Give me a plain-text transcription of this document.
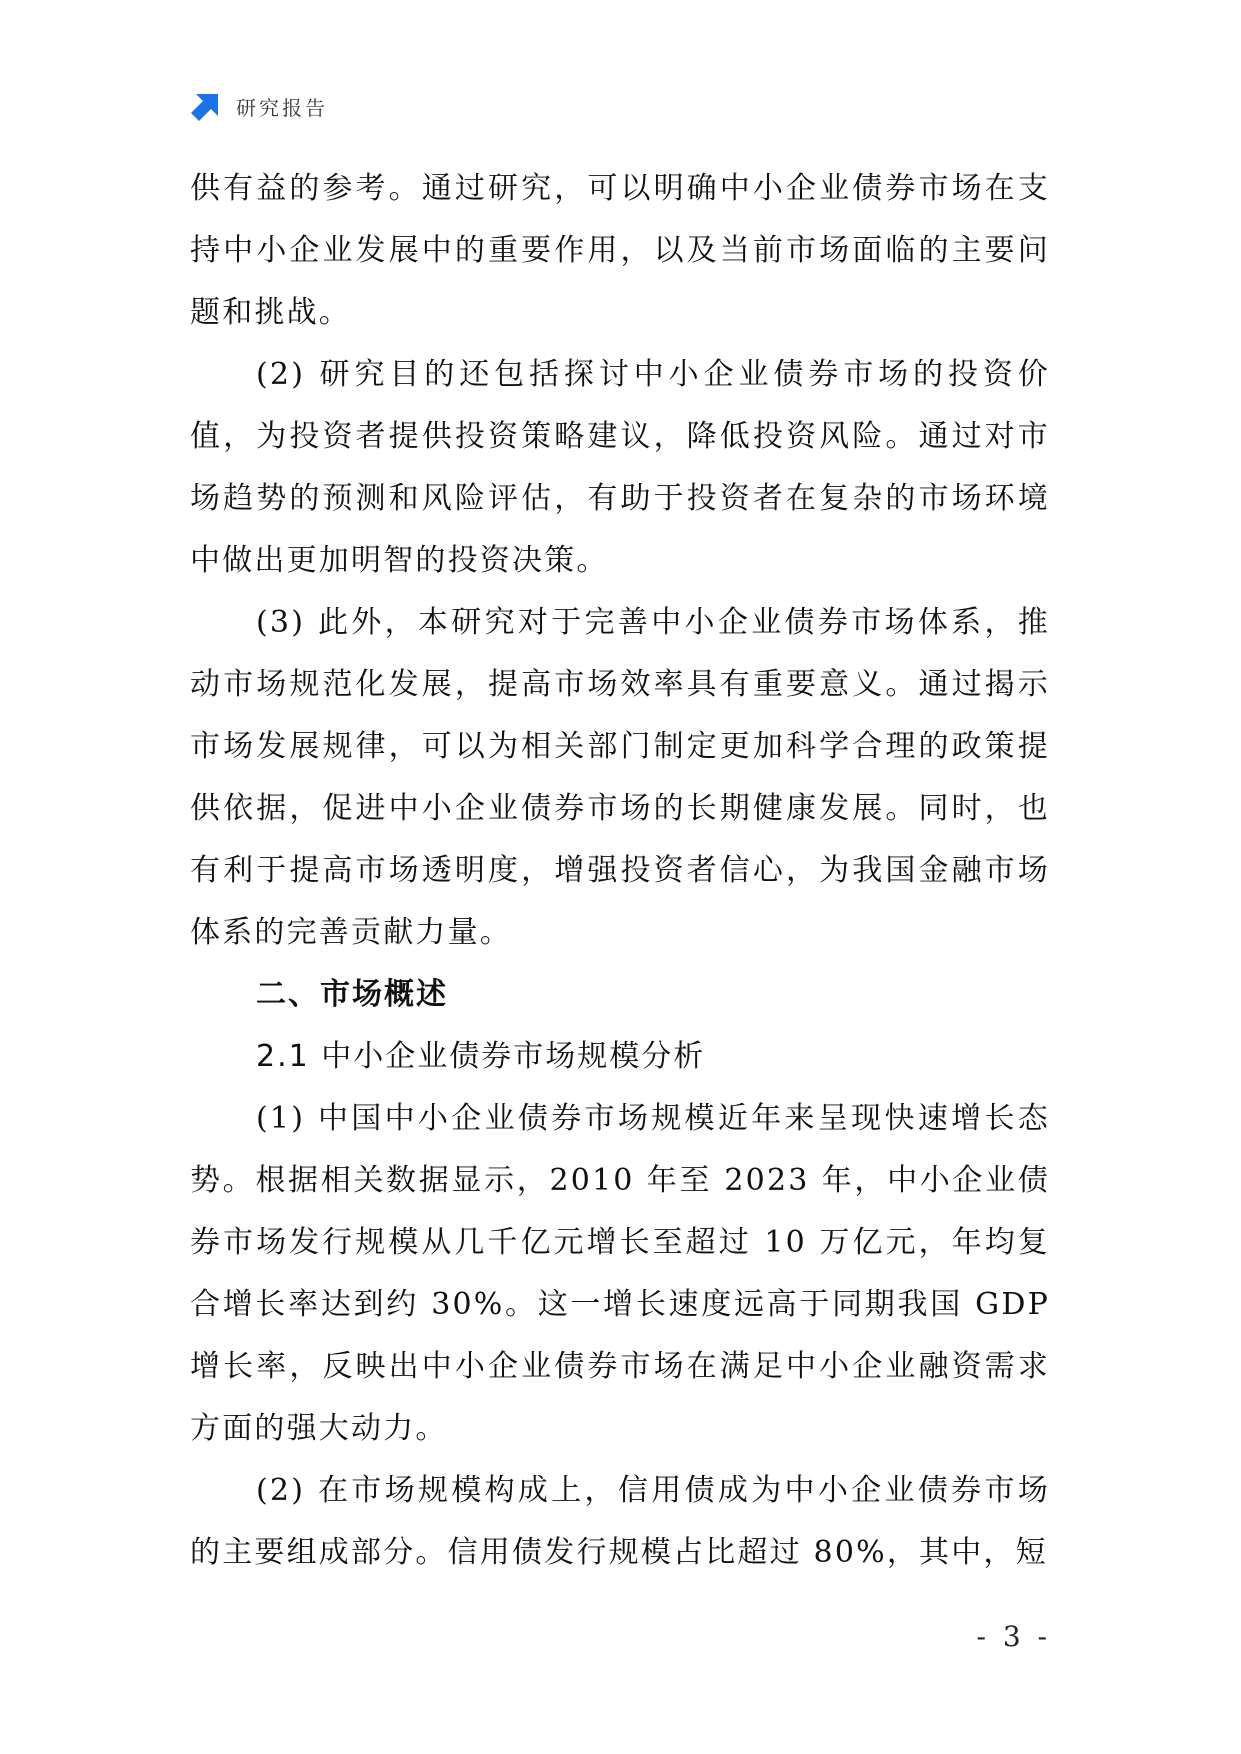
研究报告

供有益的参考。通过研究，可以明确中小企业债券市场在支持中小企业发展中的重要作用，以及当前市场面临的主要问题和挑战。

(2) 研究目的还包括探讨中小企业债券市场的投资价值，为投资者提供投资策略建议，降低投资风险。通过对市场趋势的预测和风险评估，有助于投资者在复杂的市场环境中做出更加明智的投资决策。

(3) 此外，本研究对于完善中小企业债券市场体系，推动市场规范化发展，提高市场效率具有重要意义。通过揭示市场发展规律，可以为相关部门制定更加科学合理的政策提供依据，促进中小企业债券市场的长期健康发展。同时，也有利于提高市场透明度，增强投资者信心，为我国金融市场体系的完善贡献力量。

二、市场概述
2.1 中小企业债券市场规模分析

(1) 中国中小企业债券市场规模近年来呈现快速增长态势。根据相关数据显示，2010 年至 2023 年，中小企业债券市场发行规模从几千亿元增长至超过 10 万亿元，年均复合增长率达到约 30%。这一增长速度远高于同期我国 GDP 增长率，反映出中小企业债券市场在满足中小企业融资需求方面的强大动力。

(2) 在市场规模构成上，信用债成为中小企业债券市场的主要组成部分。信用债发行规模占比超过 80%，其中，短

- 3 -
